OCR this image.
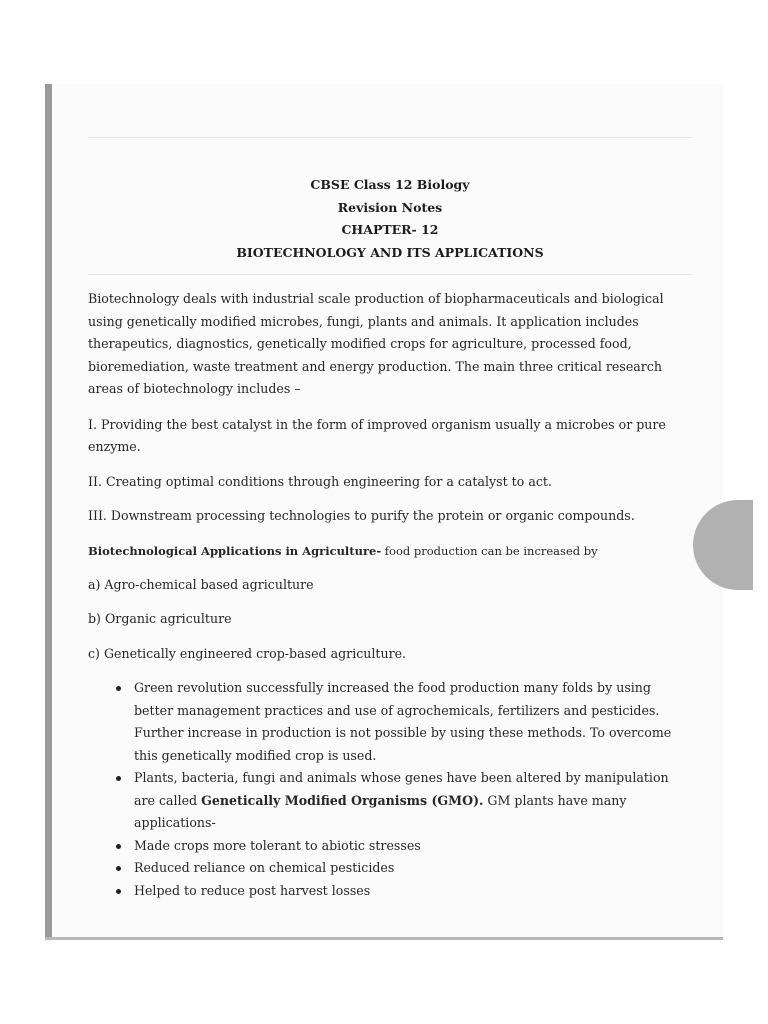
CBSE Class 12 Biology
Revision Notes
CHAPTER- 12
BIOTECHNOLOGY AND ITS APPLICATIONS

Biotechnology deals with industrial scale production of biopharmaceuticals and biological using genetically modified microbes, fungi, plants and animals. It application includes therapeutics, diagnostics, genetically modified crops for agriculture, processed food, bioremediation, waste treatment and energy production. The main three critical research areas of biotechnology includes –

I. Providing the best catalyst in the form of improved organism usually a microbes or pure enzyme.

II. Creating optimal conditions through engineering for a catalyst to act.

III. Downstream processing technologies to purify the protein or organic compounds.

Biotechnological Applications in Agriculture- food production can be increased by

a) Agro-chemical based agriculture

b) Organic agriculture

c) Genetically engineered crop-based agriculture.

Green revolution successfully increased the food production many folds by using better management practices and use of agrochemicals, fertilizers and pesticides. Further increase in production is not possible by using these methods. To overcome this genetically modified crop is used.
Plants, bacteria, fungi and animals whose genes have been altered by manipulation are called Genetically Modified Organisms (GMO). GM plants have many applications-
Made crops more tolerant to abiotic stresses
Reduced reliance on chemical pesticides
Helped to reduce post harvest losses
